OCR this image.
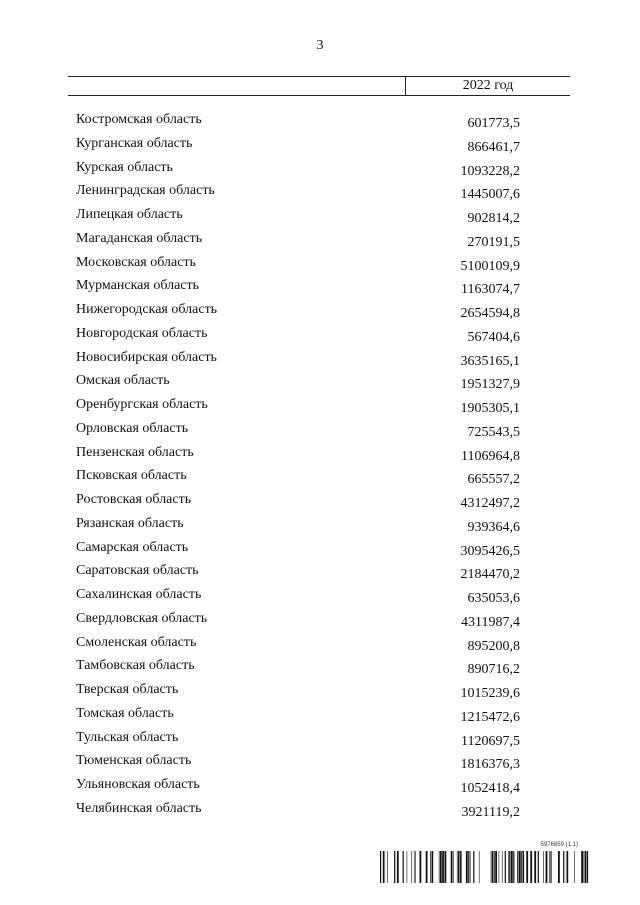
3
2022 год
Костромская область	601773,5
Курганская область	866461,7
Курская область	1093228,2
Ленинградская область	1445007,6
Липецкая область	902814,2
Магаданская область	270191,5
Московская область	5100109,9
Мурманская область	1163074,7
Нижегородская область	2654594,8
Новгородская область	567404,6
Новосибирская область	3635165,1
Омская область	1951327,9
Оренбургская область	1905305,1
Орловская область	725543,5
Пензенская область	1106964,8
Псковская область	665557,2
Ростовская область	4312497,2
Рязанская область	939364,6
Самарская область	3095426,5
Саратовская область	2184470,2
Сахалинская область	635053,6
Свердловская область	4311987,4
Смоленская область	895200,8
Тамбовская область	890716,2
Тверская область	1015239,6
Томская область	1215472,6
Тульская область	1120697,5
Тюменская область	1816376,3
Ульяновская область	1052418,4
Челябинская область	3921119,2
5976859 (1.1)
